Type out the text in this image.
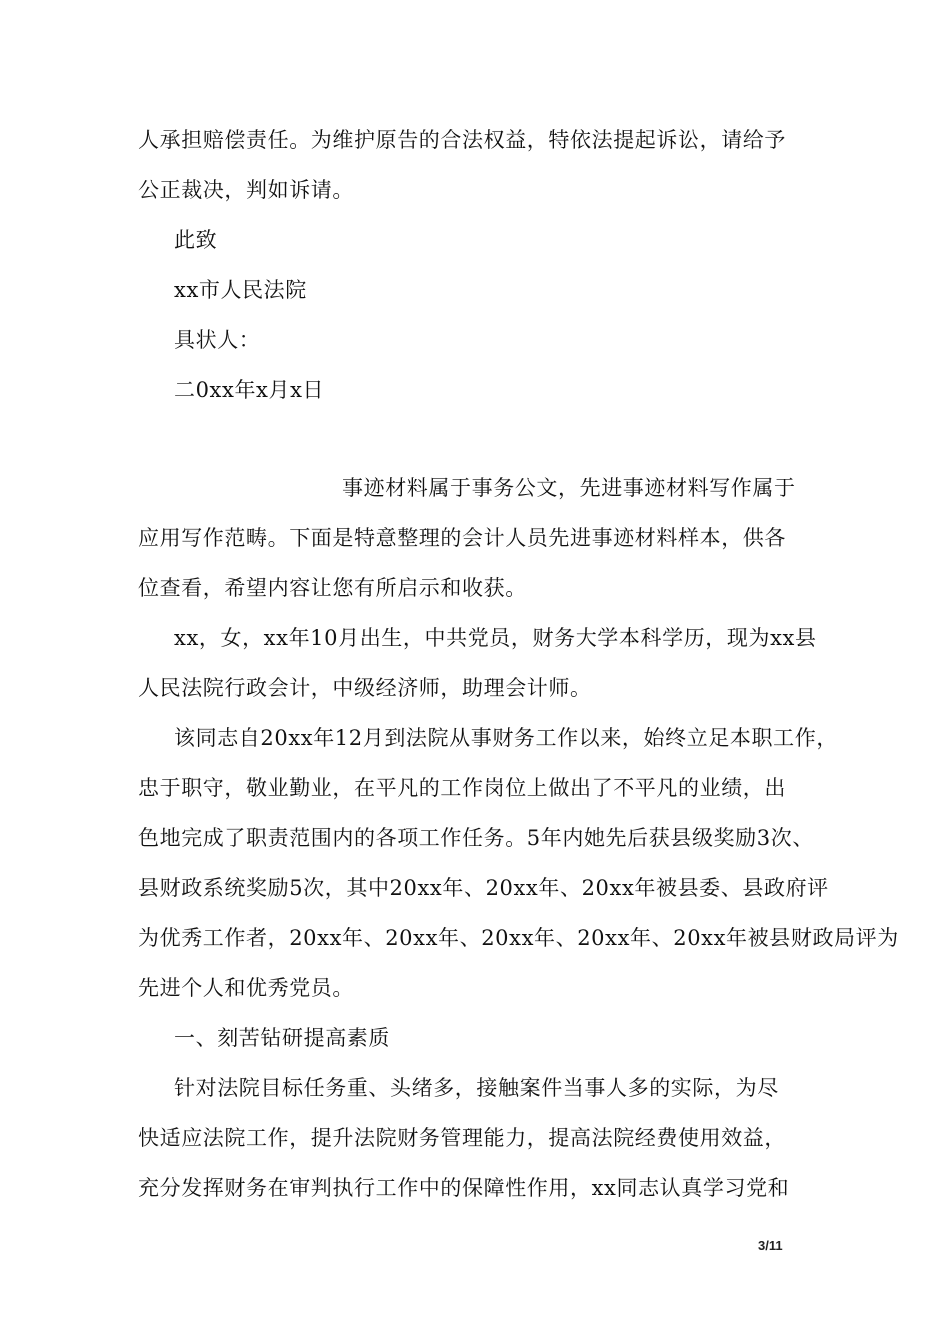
人承担赔偿责任。为维护原告的合法权益，特依法提起诉讼，请给予
公正裁决，判如诉请。
此致
xx市人民法院
具状人：
二0xx年x月x日
事迹材料属于事务公文，先进事迹材料写作属于
应用写作范畴。下面是特意整理的会计人员先进事迹材料样本，供各
位查看，希望内容让您有所启示和收获。
xx，女，xx年10月出生，中共党员，财务大学本科学历，现为xx县
人民法院行政会计，中级经济师，助理会计师。
该同志自20xx年12月到法院从事财务工作以来，始终立足本职工作，
忠于职守，敬业勤业，在平凡的工作岗位上做出了不平凡的业绩，出
色地完成了职责范围内的各项工作任务。5年内她先后获县级奖励3次、
县财政系统奖励5次，其中20xx年、20xx年、20xx年被县委、县政府评
为优秀工作者，20xx年、20xx年、20xx年、20xx年、20xx年被县财政局评为
先进个人和优秀党员。
一、刻苦钻研提高素质
针对法院目标任务重、头绪多，接触案件当事人多的实际，为尽
快适应法院工作，提升法院财务管理能力，提高法院经费使用效益，
充分发挥财务在审判执行工作中的保障性作用，xx同志认真学习党和
3/11
